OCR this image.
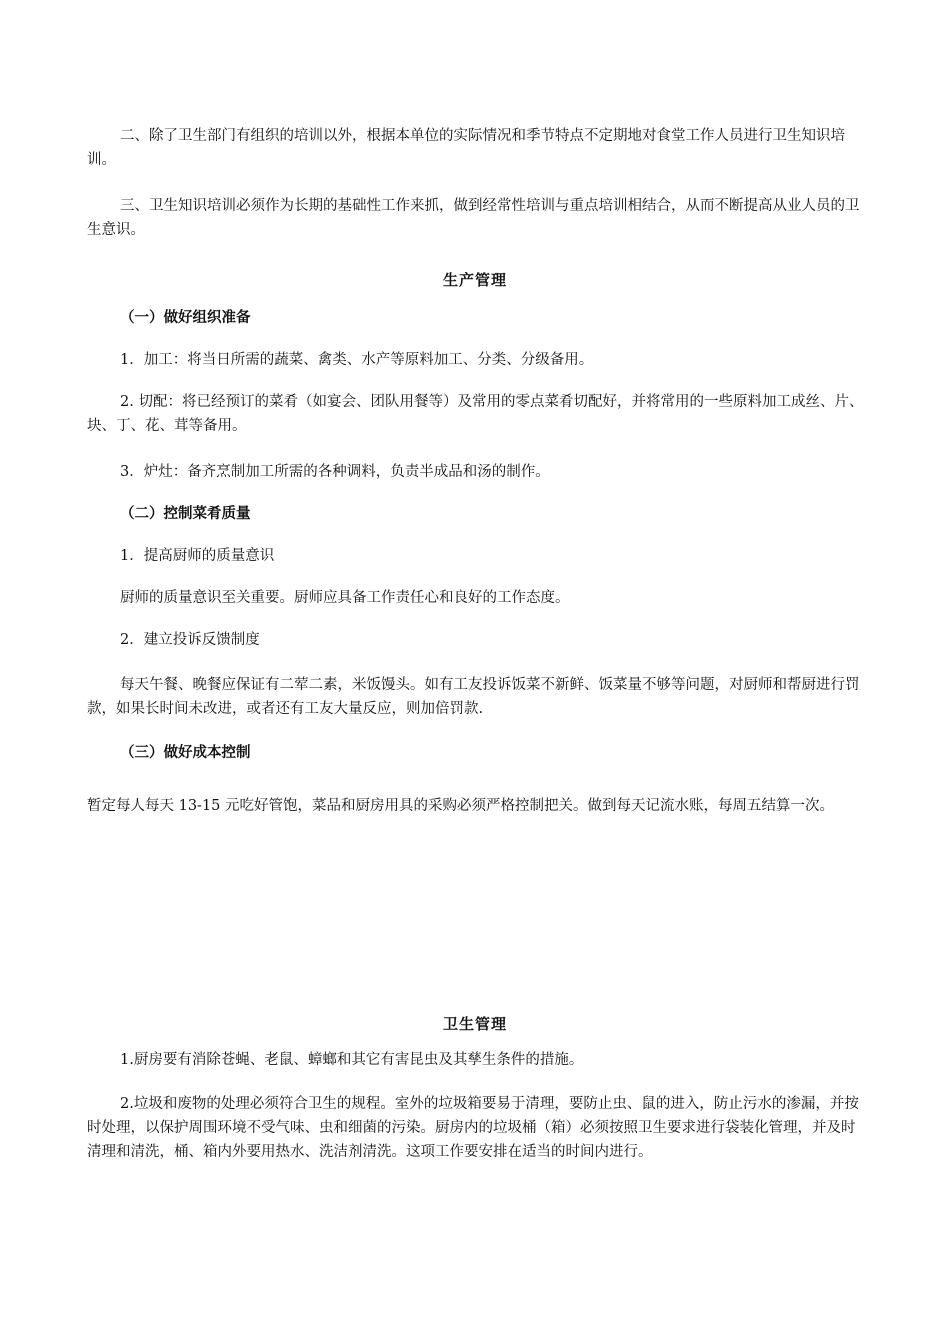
二、除了卫生部门有组织的培训以外，根据本单位的实际情况和季节特点不定期地对食堂工作人员进行卫生知识培训。

三、卫生知识培训必须作为长期的基础性工作来抓，做到经常性培训与重点培训相结合，从而不断提高从业人员的卫生意识。

生产管理

（一）做好组织准备

1．加工：将当日所需的蔬菜、禽类、水产等原料加工、分类、分级备用。

2. 切配：将已经预订的菜肴（如宴会、团队用餐等）及常用的零点菜肴切配好，并将常用的一些原料加工成丝、片、块、丁、花、茸等备用。

3．炉灶：备齐烹制加工所需的各种调料，负责半成品和汤的制作。

（二）控制菜肴质量

1．提高厨师的质量意识

厨师的质量意识至关重要。厨师应具备工作责任心和良好的工作态度。

2．建立投诉反馈制度

每天午餐、晚餐应保证有二荤二素，米饭馒头。如有工友投诉饭菜不新鲜、饭菜量不够等问题，对厨师和帮厨进行罚款，如果长时间未改进，或者还有工友大量反应，则加倍罚款.

（三）做好成本控制

暂定每人每天 13-15 元吃好管饱，菜品和厨房用具的采购必须严格控制把关。做到每天记流水账，每周五结算一次。

卫生管理

1.厨房要有消除苍蝇、老鼠、蟑螂和其它有害昆虫及其孳生条件的措施。

2.垃圾和废物的处理必须符合卫生的规程。室外的垃圾箱要易于清理，要防止虫、鼠的进入，防止污水的渗漏，并按时处理，以保护周围环境不受气味、虫和细菌的污染。厨房内的垃圾桶（箱）必须按照卫生要求进行袋装化管理，并及时清理和清洗，桶、箱内外要用热水、洗洁剂清洗。这项工作要安排在适当的时间内进行。
